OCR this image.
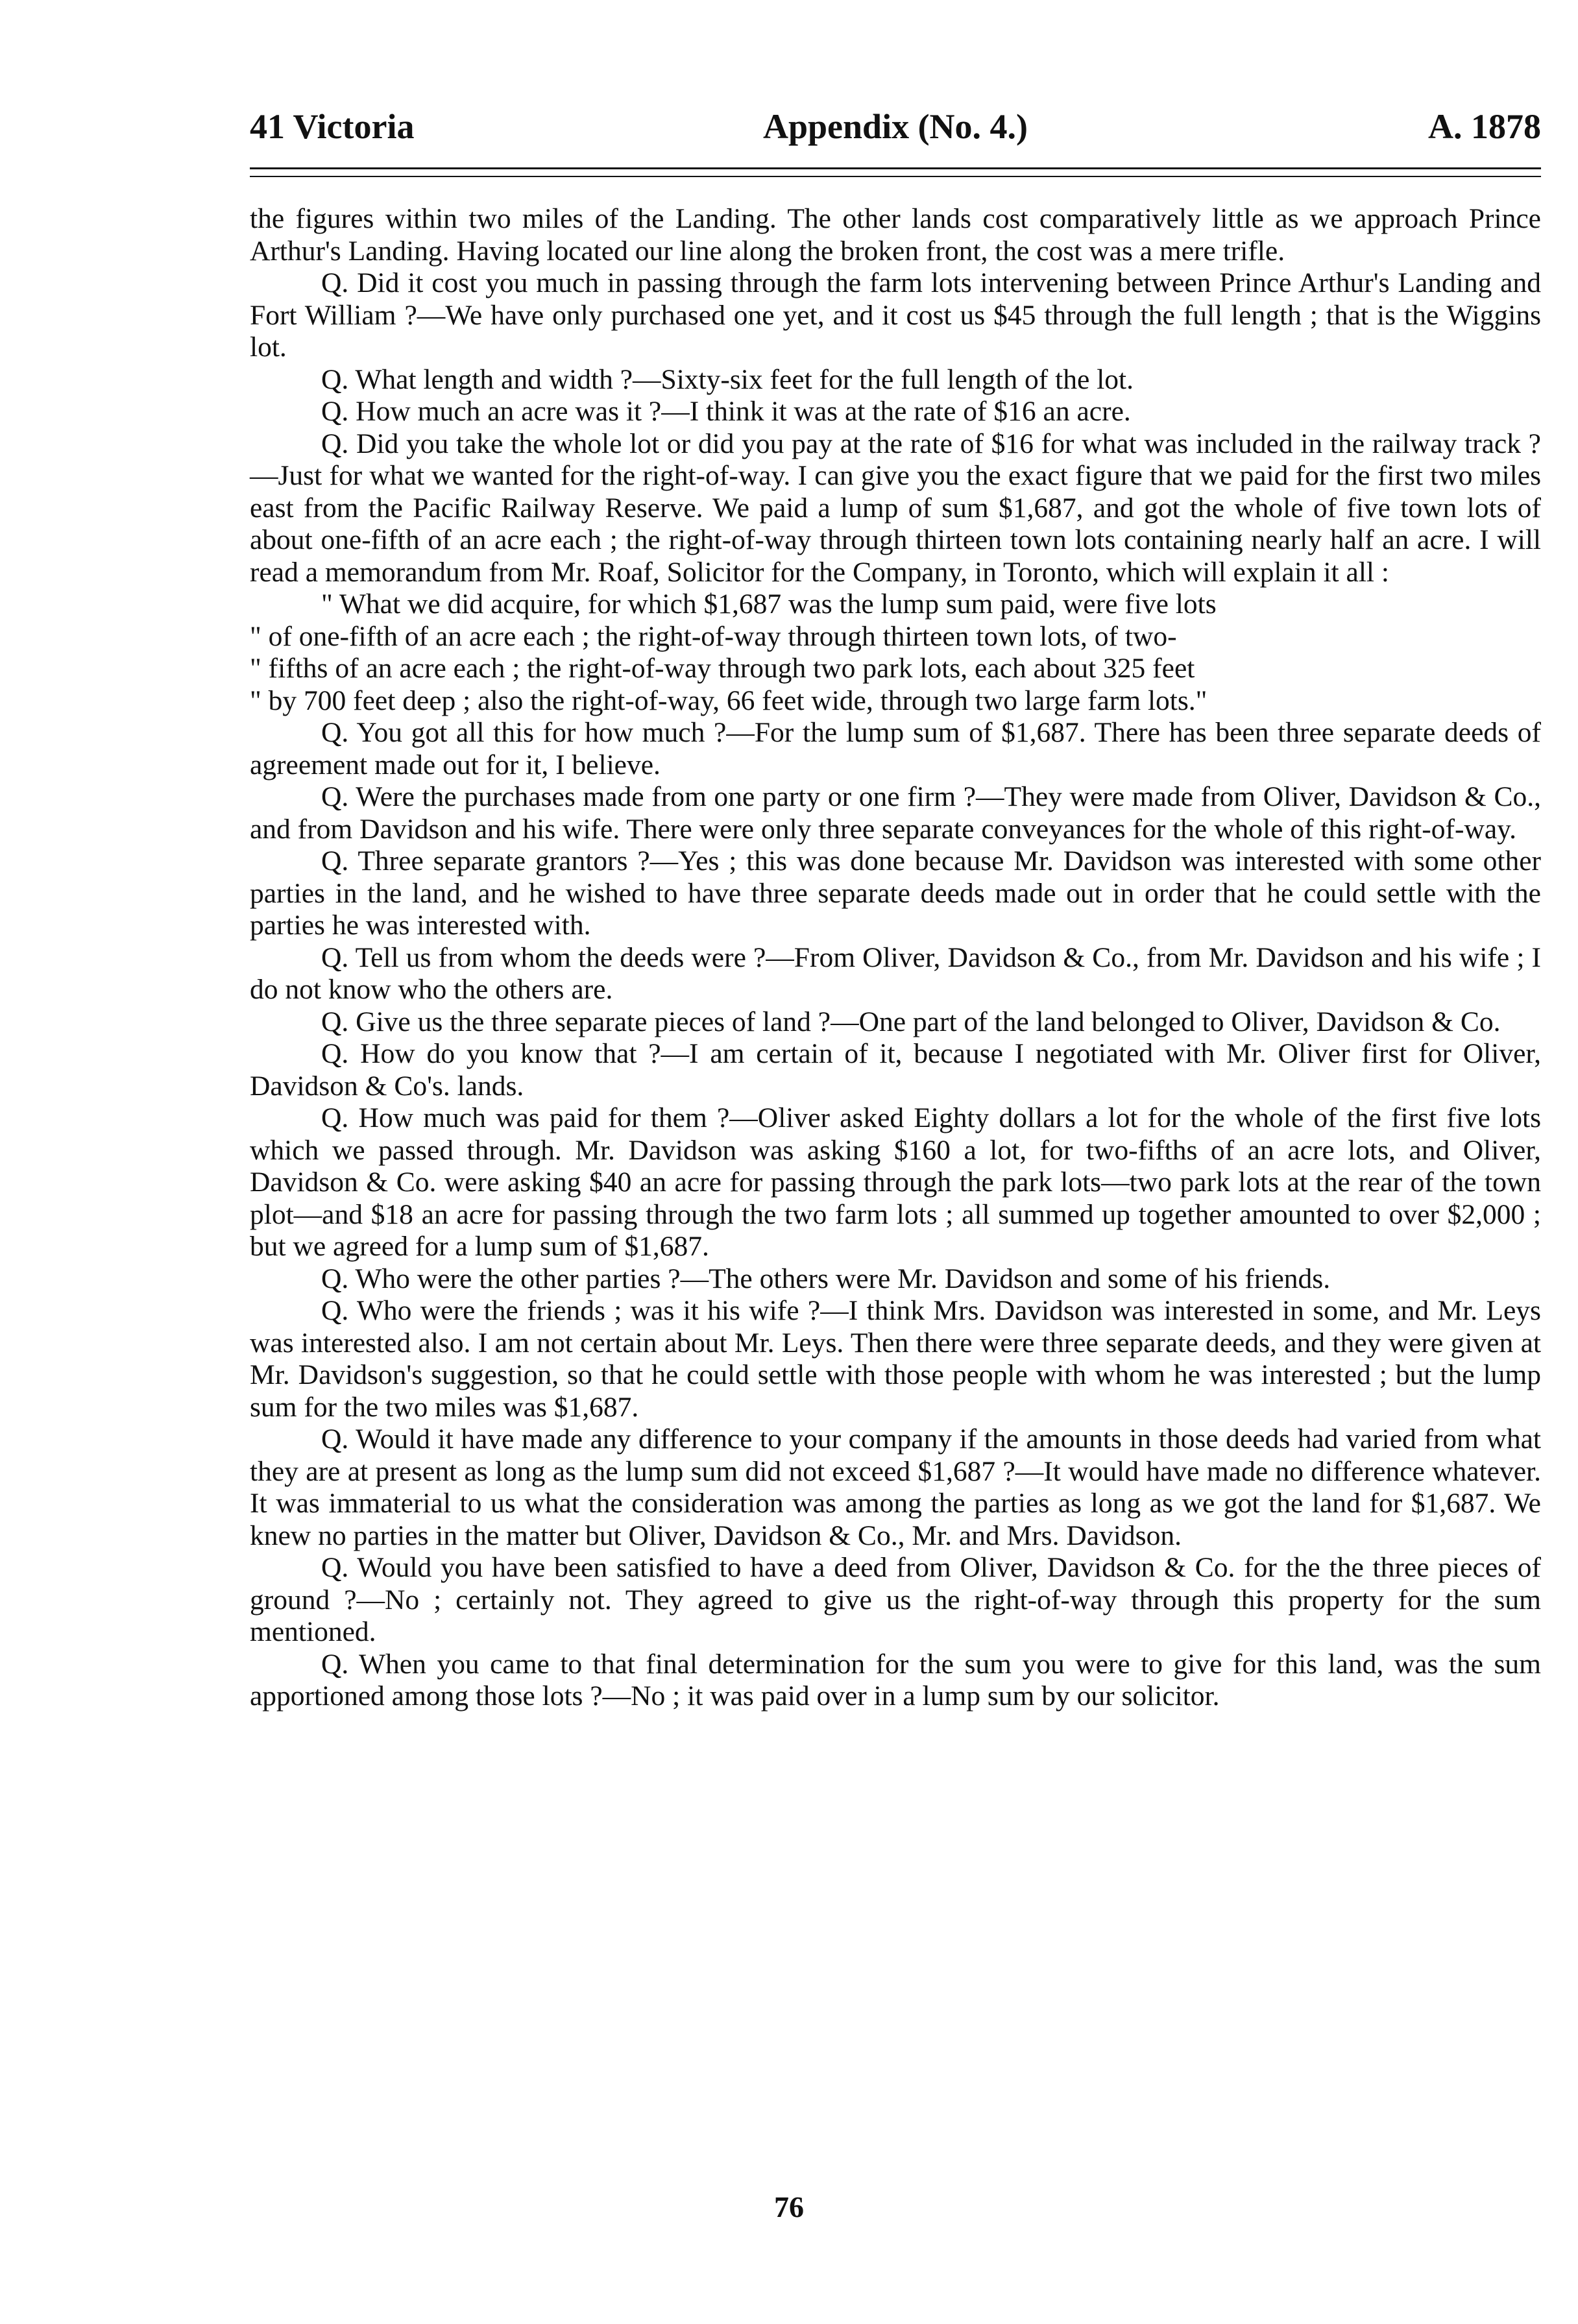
41 Victoria	Appendix (No. 4.)	A. 1878

the figures within two miles of the Landing. The other lands cost comparatively little as we approach Prince Arthur's Landing. Having located our line along the broken front, the cost was a mere trifle.

Q. Did it cost you much in passing through the farm lots intervening between Prince Arthur's Landing and Fort William ?—We have only purchased one yet, and it cost us $45 through the full length ; that is the Wiggins lot.

Q. What length and width ?—Sixty-six feet for the full length of the lot.

Q. How much an acre was it ?—I think it was at the rate of $16 an acre.

Q. Did you take the whole lot or did you pay at the rate of $16 for what was included in the railway track ?—Just for what we wanted for the right-of-way. I can give you the exact figure that we paid for the first two miles east from the Pacific Railway Reserve. We paid a lump of sum $1,687, and got the whole of five town lots of about one-fifth of an acre each ; the right-of-way through thirteen town lots containing nearly half an acre. I will read a memorandum from Mr. Roaf, Solicitor for the Company, in Toronto, which will explain it all :

" What we did acquire, for which $1,687 was the lump sum paid, were five lots

" of one-fifth of an acre each ; the right-of-way through thirteen town lots, of two-

" fifths of an acre each ; the right-of-way through two park lots, each about 325 feet

" by 700 feet deep ; also the right-of-way, 66 feet wide, through two large farm lots."

Q. You got all this for how much ?—For the lump sum of $1,687. There has been three separate deeds of agreement made out for it, I believe.

Q. Were the purchases made from one party or one firm ?—They were made from Oliver, Davidson & Co., and from Davidson and his wife. There were only three separate conveyances for the whole of this right-of-way.

Q. Three separate grantors ?—Yes ; this was done because Mr. Davidson was interested with some other parties in the land, and he wished to have three separate deeds made out in order that he could settle with the parties he was interested with.

Q. Tell us from whom the deeds were ?—From Oliver, Davidson & Co., from Mr. Davidson and his wife ; I do not know who the others are.

Q. Give us the three separate pieces of land ?—One part of the land belonged to Oliver, Davidson & Co.

Q. How do you know that ?—I am certain of it, because I negotiated with Mr. Oliver first for Oliver, Davidson & Co's. lands.

Q. How much was paid for them ?—Oliver asked Eighty dollars a lot for the whole of the first five lots which we passed through. Mr. Davidson was asking $160 a lot, for two-fifths of an acre lots, and Oliver, Davidson & Co. were asking $40 an acre for passing through the park lots—two park lots at the rear of the town plot—and $18 an acre for passing through the two farm lots ; all summed up together amounted to over $2,000 ; but we agreed for a lump sum of $1,687.

Q. Who were the other parties ?—The others were Mr. Davidson and some of his friends.

Q. Who were the friends ; was it his wife ?—I think Mrs. Davidson was interested in some, and Mr. Leys was interested also. I am not certain about Mr. Leys. Then there were three separate deeds, and they were given at Mr. Davidson's suggestion, so that he could settle with those people with whom he was interested ; but the lump sum for the two miles was $1,687.

Q. Would it have made any difference to your company if the amounts in those deeds had varied from what they are at present as long as the lump sum did not exceed $1,687 ?—It would have made no difference whatever. It was immaterial to us what the consideration was among the parties as long as we got the land for $1,687. We knew no parties in the matter but Oliver, Davidson & Co., Mr. and Mrs. Davidson.

Q. Would you have been satisfied to have a deed from Oliver, Davidson & Co. for the the three pieces of ground ?—No ; certainly not. They agreed to give us the right-of-way through this property for the sum mentioned.

Q. When you came to that final determination for the sum you were to give for this land, was the sum apportioned among those lots ?—No ; it was paid over in a lump sum by our solicitor.

76
